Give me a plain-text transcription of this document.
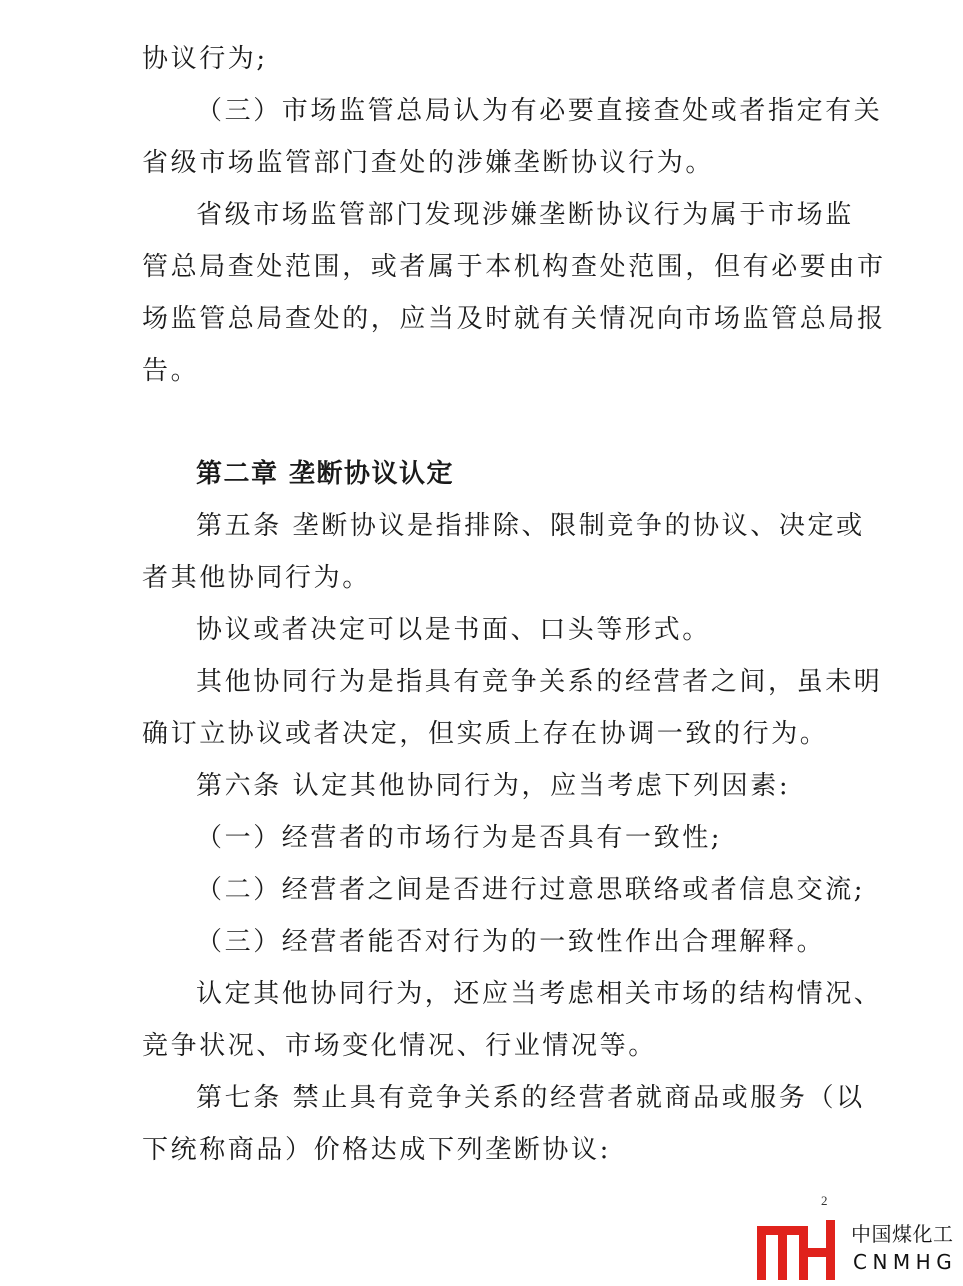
协议行为;
（三）市场监管总局认为有必要直接查处或者指定有关
省级市场监管部门查处的涉嫌垄断协议行为。
省级市场监管部门发现涉嫌垄断协议行为属于市场监
管总局查处范围，或者属于本机构查处范围，但有必要由市
场监管总局查处的，应当及时就有关情况向市场监管总局报
告。
第二章 垄断协议认定
第五条 垄断协议是指排除、限制竞争的协议、决定或
者其他协同行为。
协议或者决定可以是书面、口头等形式。
其他协同行为是指具有竞争关系的经营者之间，虽未明
确订立协议或者决定，但实质上存在协调一致的行为。
第六条 认定其他协同行为，应当考虑下列因素:
（一）经营者的市场行为是否具有一致性;
（二）经营者之间是否进行过意思联络或者信息交流;
（三）经营者能否对行为的一致性作出合理解释。
认定其他协同行为，还应当考虑相关市场的结构情况、
竞争状况、市场变化情况、行业情况等。
第七条 禁止具有竞争关系的经营者就商品或服务（以
下统称商品）价格达成下列垄断协议:
2
中国煤化工
CNMHG
